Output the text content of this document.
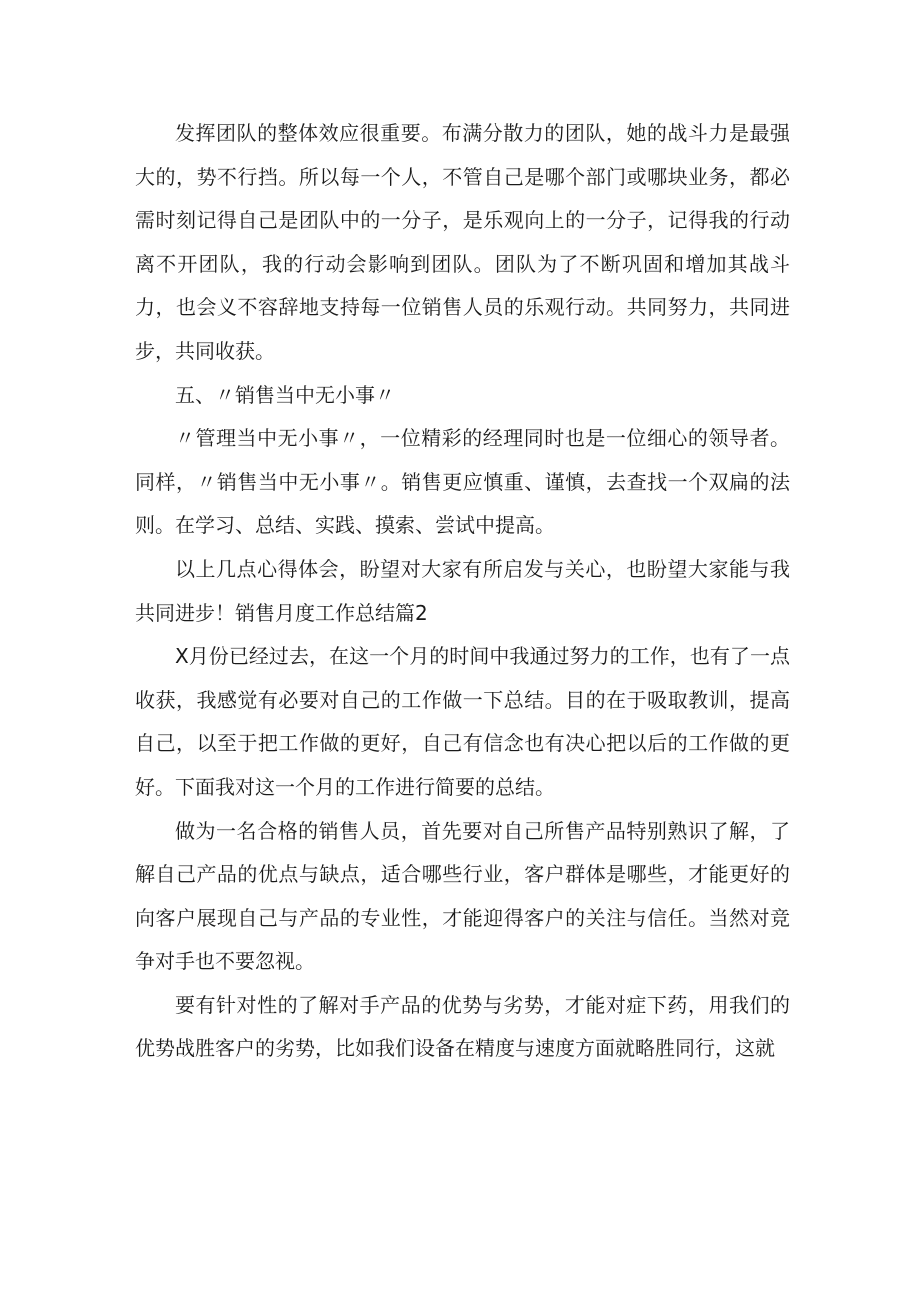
发挥团队的整体效应很重要。布满分散力的团队，她的战斗力是最强大的，势不行挡。所以每一个人，不管自己是哪个部门或哪块业务，都必需时刻记得自己是团队中的一分子，是乐观向上的一分子，记得我的行动离不开团队，我的行动会影响到团队。团队为了不断巩固和增加其战斗力，也会义不容辞地支持每一位销售人员的乐观行动。共同努力，共同进步，共同收获。

五、〃销售当中无小事〃

〃管理当中无小事〃，一位精彩的经理同时也是一位细心的领导者。同样，〃销售当中无小事〃。销售更应慎重、谨慎，去查找一个双扁的法则。在学习、总结、实践、摸索、尝试中提高。

以上几点心得体会，盼望对大家有所启发与关心，也盼望大家能与我共同进步！销售月度工作总结篇2

X月份已经过去，在这一个月的时间中我通过努力的工作，也有了一点收获，我感觉有必要对自己的工作做一下总结。目的在于吸取教训，提高自己，以至于把工作做的更好，自己有信念也有决心把以后的工作做的更好。下面我对这一个月的工作进行简要的总结。

做为一名合格的销售人员，首先要对自己所售产品特别熟识了解，了解自己产品的优点与缺点，适合哪些行业，客户群体是哪些，才能更好的向客户展现自己与产品的专业性，才能迎得客户的关注与信任。当然对竞争对手也不要忽视。

要有针对性的了解对手产品的优势与劣势，才能对症下药，用我们的优势战胜客户的劣势，比如我们设备在精度与速度方面就略胜同行，这就
